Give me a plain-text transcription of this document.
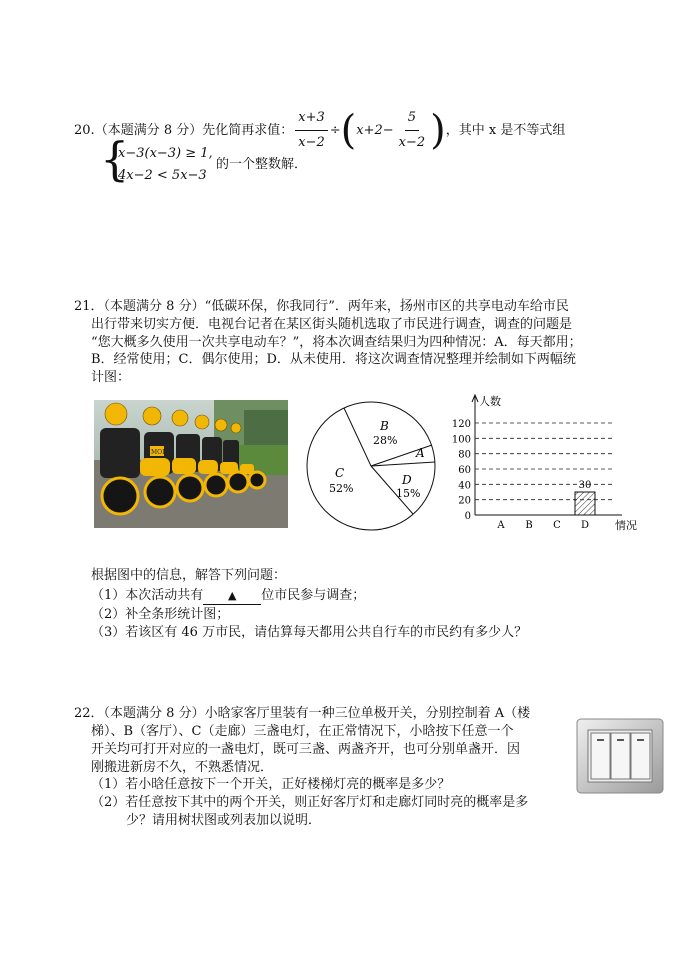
20.（本题满分 8 分）先化简再求值： $\frac{x+3}{x-2} \div(x+2- \frac{5}{x-2}$ )，其中 x 是不等式组
{
x−3(x−3) ≥ 1,
4x−2 < 5x−3
的一个整数解．
21．（本题满分 8 分）“低碳环保，你我同行”．两年来，扬州市区的共享电动车给市民
出行带来切实方便．电视台记者在某区街头随机选取了市民进行调查，调查的问题是
“您大概多久使用一次共享电动车？”，将本次调查结果归为四种情况：A．每天都用；
B．经常使用；C．偶尔使用；D．从未使用．将这次调查情况整理并绘制如下两幅统
计图：
MOI
B
28%
A
C
52%
D
15%
人数
情况
0
20
40
60
80
100
120
A B C D
30
根据图中的信息，解答下列问题：
（1）本次活动共有 ▲ 位市民参与调查；
（2）补全条形统计图；
（3）若该区有 46 万市民，请估算每天都用公共自行车的市民约有多少人？
22．（本题满分 8 分）小晗家客厅里装有一种三位单极开关，分别控制着 A（楼
梯）、B（客厅）、C（走廊）三盏电灯，在正常情况下，小晗按下任意一个
开关均可打开对应的一盏电灯，既可三盏、两盏齐开，也可分别单盏开．因
刚搬进新房不久，不熟悉情况．
（1）若小晗任意按下一个开关，正好楼梯灯亮的概率是多少？
（2）若任意按下其中的两个开关，则正好客厅灯和走廊灯同时亮的概率是多
少？请用树状图或列表加以说明．
